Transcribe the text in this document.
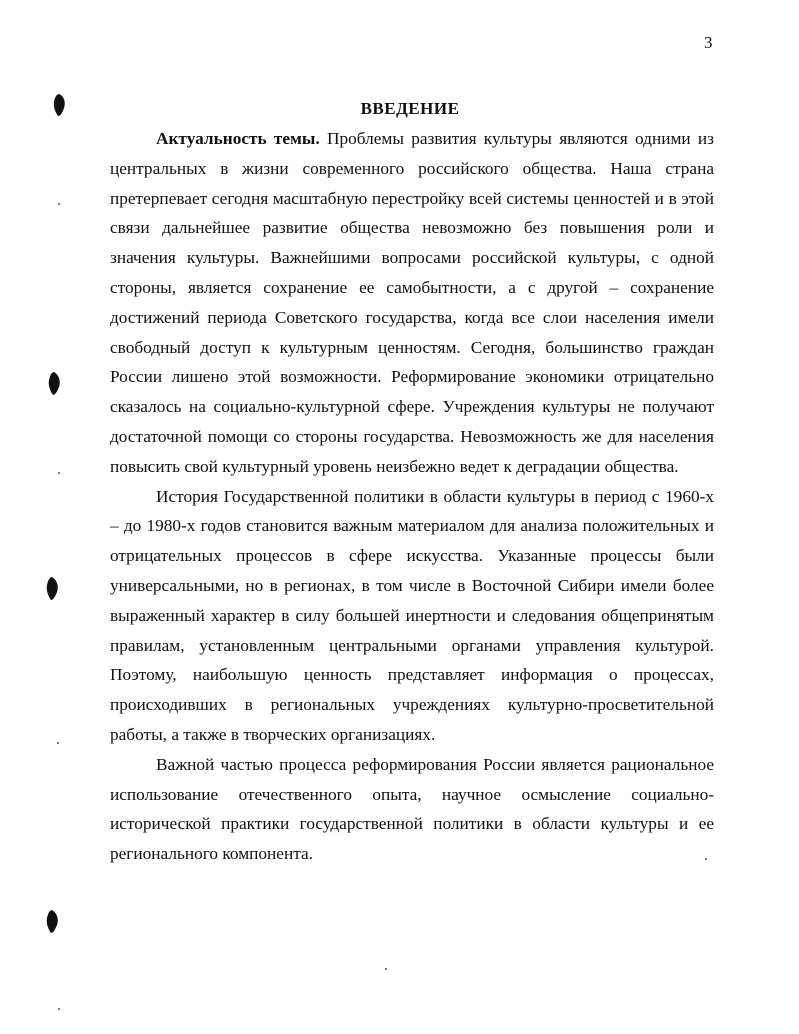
3
ВВЕДЕНИЕ

Актуальность темы. Проблемы развития культуры являются одними из центральных в жизни современного российского общества. Наша страна претерпевает сегодня масштабную перестройку всей системы ценностей и в этой связи дальнейшее развитие общества невозможно без повышения роли и значения культуры. Важнейшими вопросами российской культуры, с одной стороны, является сохранение ее самобытности, а с другой – сохранение достижений периода Советского государства, когда все слои населения имели свободный доступ к культурным ценностям. Сегодня, большинство граждан России лишено этой возможности. Реформирование экономики отрицательно сказалось на социально-культурной сфере. Учреждения культуры не получают достаточной помощи со стороны государства. Невозможность же для населения повысить свой культурный уровень неизбежно ведет к деградации общества.

История Государственной политики в области культуры в период с 1960-х – до 1980-х годов становится важным материалом для анализа положительных и отрицательных процессов в сфере искусства. Указанные процессы были универсальными, но в регионах, в том числе в Восточной Сибири имели более выраженный характер в силу большей инертности и следования общепринятым правилам, установленным центральными органами управления культурой. Поэтому, наибольшую ценность представляет информация о процессах, происходивших в региональных учреждениях культурно-просветительной работы, а также в творческих организациях.

Важной частью процесса реформирования России является рациональное использование отечественного опыта, научное осмысление социально-исторической практики государственной политики в области культуры и ее регионального компонента.
